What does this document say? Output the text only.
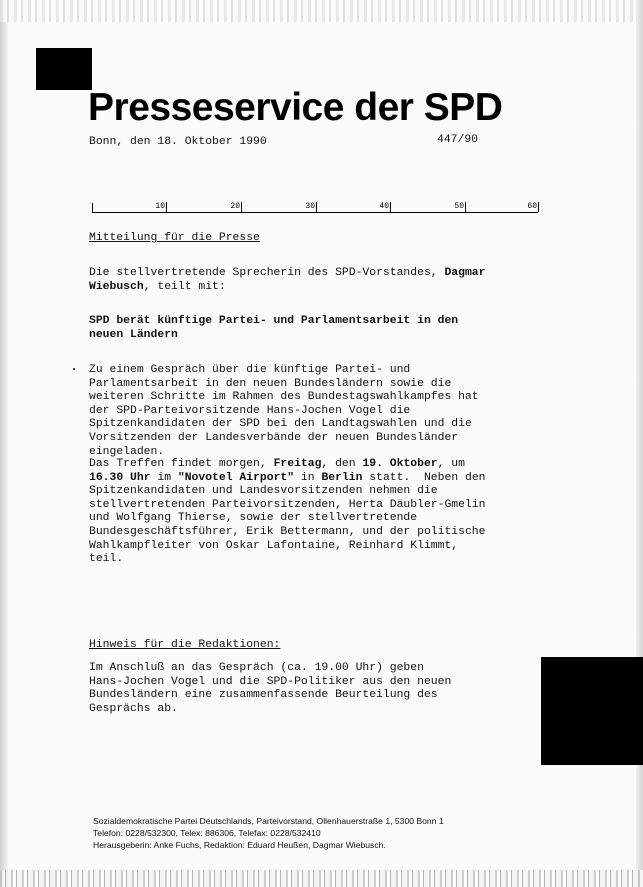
Presseservice der SPD
Bonn, den 18. Oktober 1990	447/90
10	20	30	40	50	60
Mitteilung für die Presse
Die stellvertretende Sprecherin des SPD-Vorstandes, Dagmar
Wiebusch, teilt mit:
SPD berät künftige Partei- und Parlamentsarbeit in den
neuen Ländern
Zu einem Gespräch über die künftige Partei- und
Parlamentsarbeit in den neuen Bundesländern sowie die
weiteren Schritte im Rahmen des Bundestagswahlkampfes hat
der SPD-Parteivorsitzende Hans-Jochen Vogel die
Spitzenkandidaten der SPD bei den Landtagswahlen und die
Vorsitzenden der Landesverbände der neuen Bundesländer
eingeladen.
Das Treffen findet morgen, Freitag, den 19. Oktober, um
16.30 Uhr im "Novotel Airport" in Berlin statt.  Neben den
Spitzenkandidaten und Landesvorsitzenden nehmen die
stellvertretenden Parteivorsitzenden, Herta Däubler-Gmelin
und Wolfgang Thierse, sowie der stellvertretende
Bundesgeschäftsführer, Erik Bettermann, und der politische
Wahlkampfleiter von Oskar Lafontaine, Reinhard Klimmt,
teil.
Hinweis für die Redaktionen:
Im Anschluß an das Gespräch (ca. 19.00 Uhr) geben
Hans-Jochen Vogel und die SPD-Politiker aus den neuen
Bundesländern eine zusammenfassende Beurteilung des
Gesprächs ab.
Sozialdemokratische Partei Deutschlands, Parteivorstand, Ollenhauerstraße 1, 5300 Bonn 1
Telefon: 0228/532300, Telex: 886306, Telefax: 0228/532410
Herausgeberin: Anke Fuchs, Redaktion: Eduard Heußen, Dagmar Wiebusch.
